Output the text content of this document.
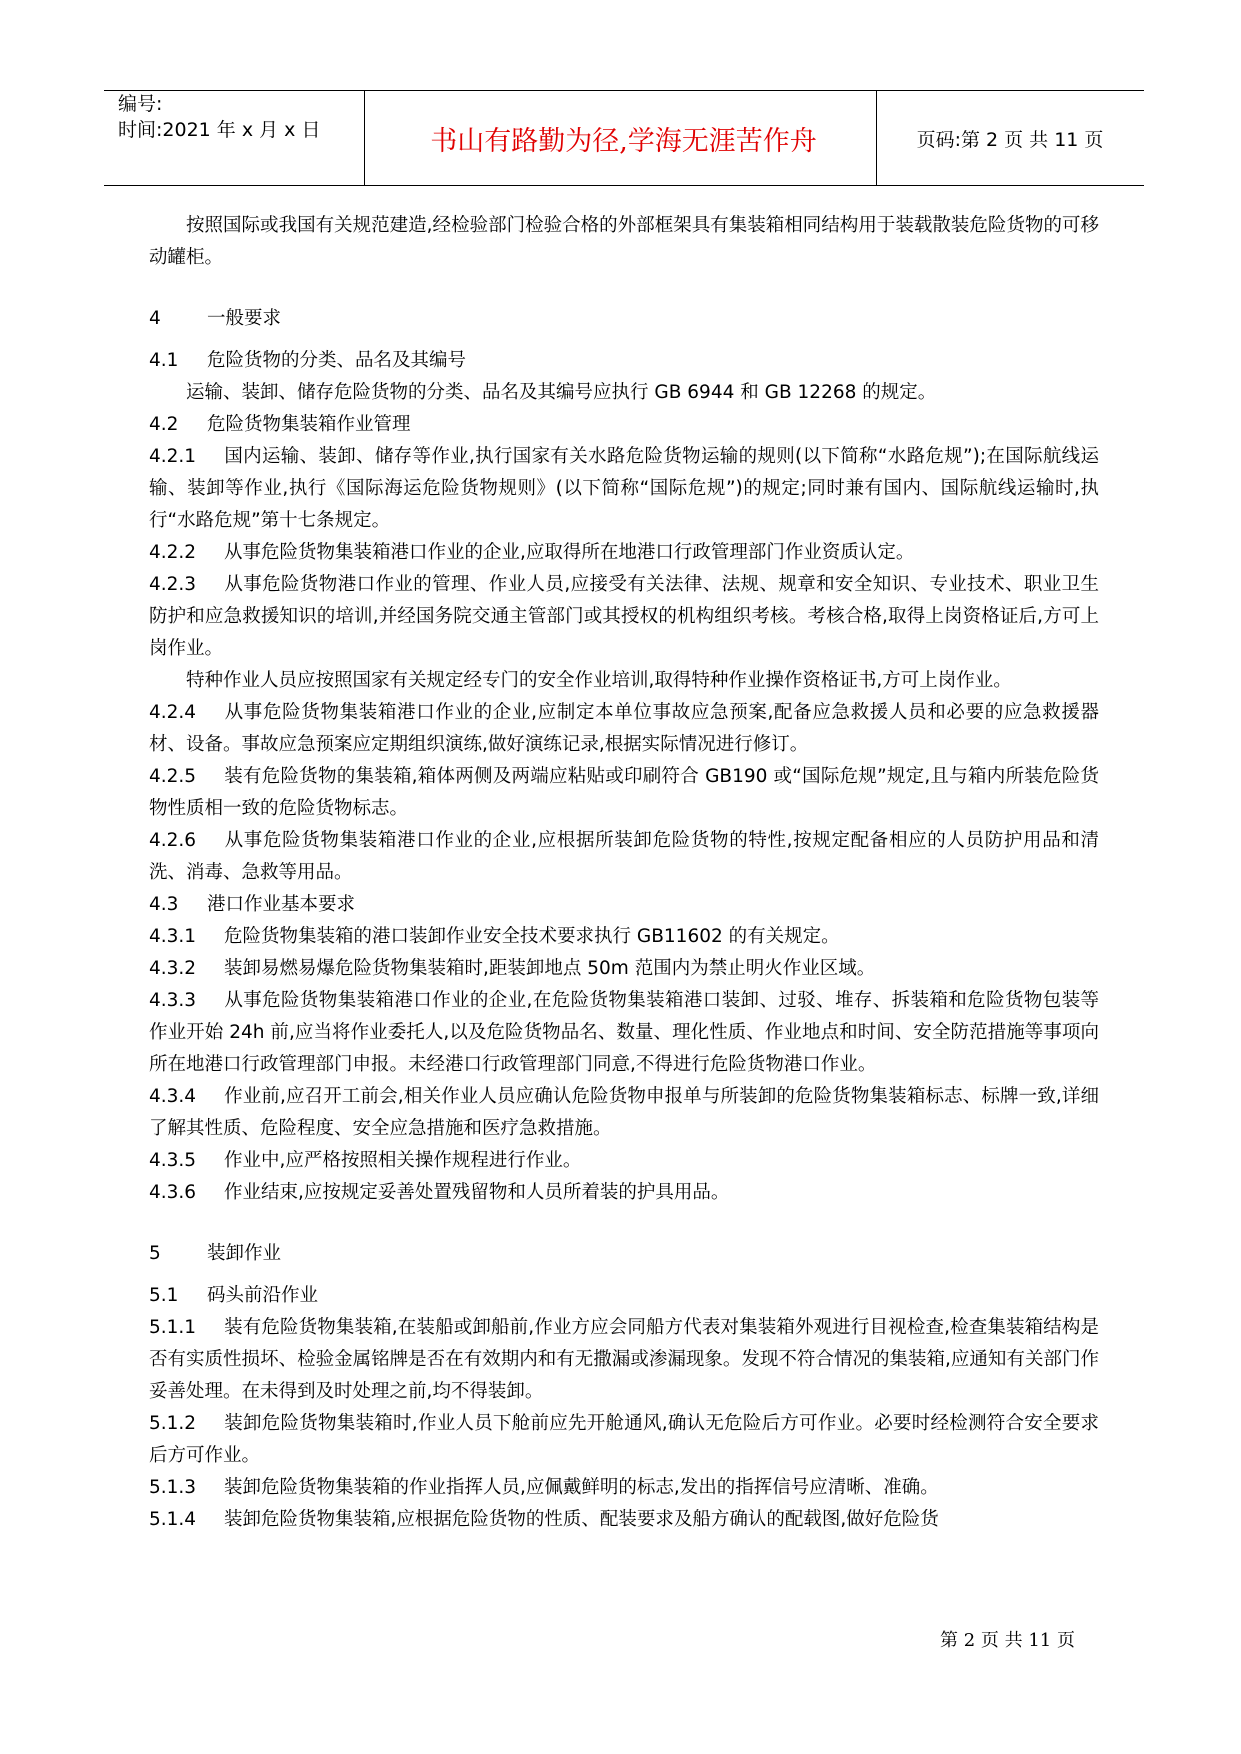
编号:
时间:2021 年 x 月 x 日	书山有路勤为径,学海无涯苦作舟	页码:第 2 页 共 11 页

按照国际或我国有关规范建造,经检验部门检验合格的外部框架具有集装箱相同结构用于装载散装危险货物的可移动罐柜。

4 一般要求

4.1 危险货物的分类、品名及其编号

运输、装卸、储存危险货物的分类、品名及其编号应执行 GB 6944 和 GB 12268 的规定。

4.2 危险货物集装箱作业管理

4.2.1 国内运输、装卸、储存等作业,执行国家有关水路危险货物运输的规则(以下简称“水路危规”);在国际航线运输、装卸等作业,执行《国际海运危险货物规则》(以下简称“国际危规”)的规定;同时兼有国内、国际航线运输时,执行“水路危规”第十七条规定。

4.2.2 从事危险货物集装箱港口作业的企业,应取得所在地港口行政管理部门作业资质认定。

4.2.3 从事危险货物港口作业的管理、作业人员,应接受有关法律、法规、规章和安全知识、专业技术、职业卫生防护和应急救援知识的培训,并经国务院交通主管部门或其授权的机构组织考核。考核合格,取得上岗资格证后,方可上岗作业。

特种作业人员应按照国家有关规定经专门的安全作业培训,取得特种作业操作资格证书,方可上岗作业。

4.2.4 从事危险货物集装箱港口作业的企业,应制定本单位事故应急预案,配备应急救援人员和必要的应急救援器材、设备。事故应急预案应定期组织演练,做好演练记录,根据实际情况进行修订。

4.2.5 装有危险货物的集装箱,箱体两侧及两端应粘贴或印刷符合 GB190 或“国际危规”规定,且与箱内所装危险货物性质相一致的危险货物标志。

4.2.6 从事危险货物集装箱港口作业的企业,应根据所装卸危险货物的特性,按规定配备相应的人员防护用品和清洗、消毒、急救等用品。

4.3 港口作业基本要求

4.3.1 危险货物集装箱的港口装卸作业安全技术要求执行 GB11602 的有关规定。

4.3.2 装卸易燃易爆危险货物集装箱时,距装卸地点 50m 范围内为禁止明火作业区域。

4.3.3 从事危险货物集装箱港口作业的企业,在危险货物集装箱港口装卸、过驳、堆存、拆装箱和危险货物包装等作业开始 24h 前,应当将作业委托人,以及危险货物品名、数量、理化性质、作业地点和时间、安全防范措施等事项向所在地港口行政管理部门申报。未经港口行政管理部门同意,不得进行危险货物港口作业。

4.3.4 作业前,应召开工前会,相关作业人员应确认危险货物申报单与所装卸的危险货物集装箱标志、标牌一致,详细了解其性质、危险程度、安全应急措施和医疗急救措施。

4.3.5 作业中,应严格按照相关操作规程进行作业。

4.3.6 作业结束,应按规定妥善处置残留物和人员所着装的护具用品。

5 装卸作业

5.1 码头前沿作业

5.1.1 装有危险货物集装箱,在装船或卸船前,作业方应会同船方代表对集装箱外观进行目视检查,检查集装箱结构是否有实质性损坏、检验金属铭牌是否在有效期内和有无撒漏或渗漏现象。发现不符合情况的集装箱,应通知有关部门作妥善处理。在未得到及时处理之前,均不得装卸。

5.1.2 装卸危险货物集装箱时,作业人员下舱前应先开舱通风,确认无危险后方可作业。必要时经检测符合安全要求后方可作业。

5.1.3 装卸危险货物集装箱的作业指挥人员,应佩戴鲜明的标志,发出的指挥信号应清晰、准确。

5.1.4 装卸危险货物集装箱,应根据危险货物的性质、配装要求及船方确认的配载图,做好危险货

第 2 页 共 11 页
